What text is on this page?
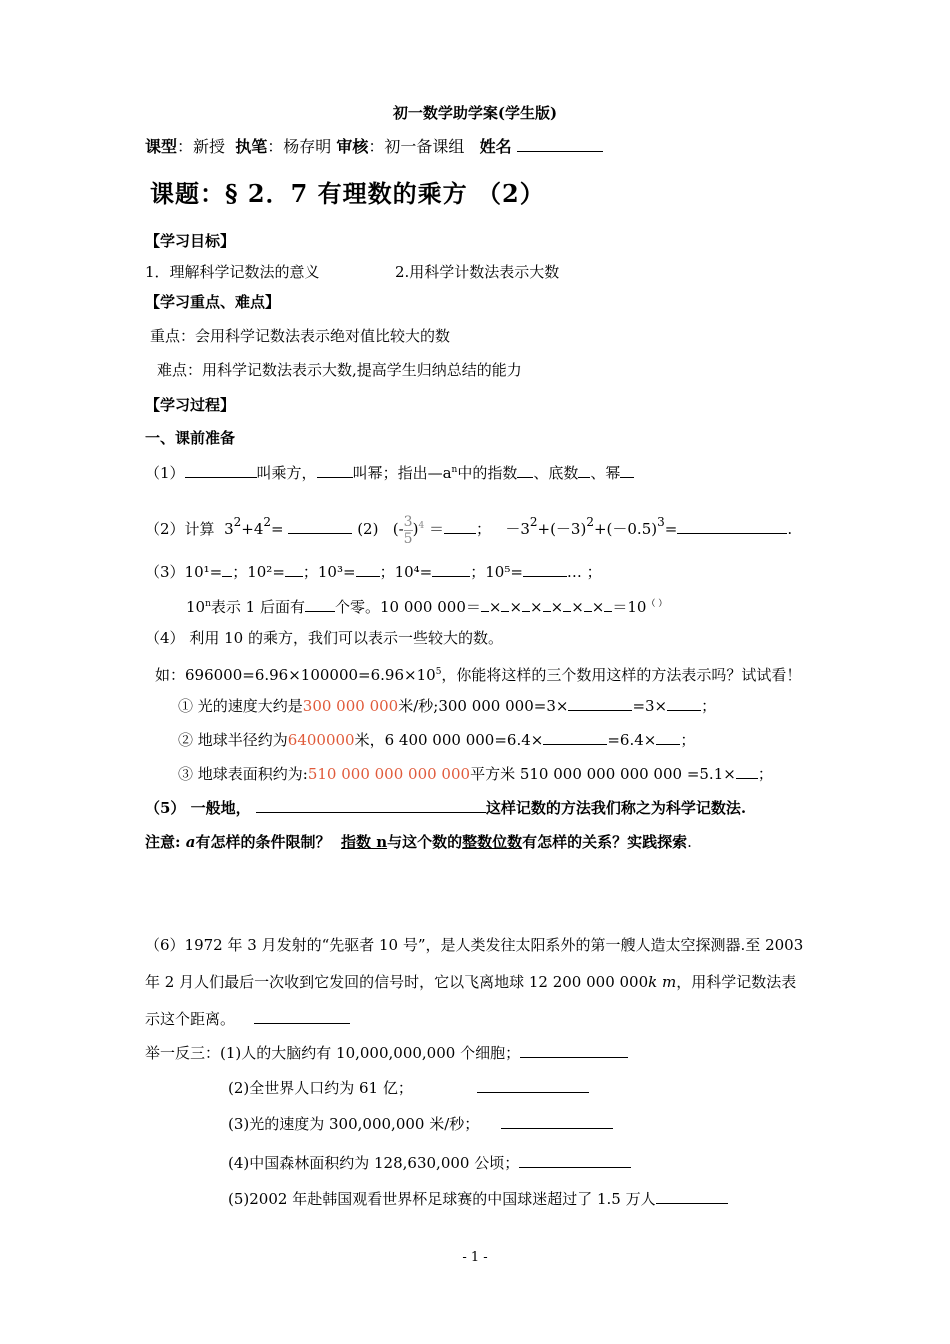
初一数学助学案(学生版)
课型：新授 执笔：杨存明 审核：初一备课组 姓名
课题：§ 2．7 有理数的乘方 （2）
【学习目标】
1．理解科学记数法的意义	2.用科学计数法表示大数
【学习重点、难点】
重点：会用科学记数法表示绝对值比较大的数
难点：用科学记数法表示大数,提高学生归纳总结的能力
【学习过程】
一、课前准备
（1）	叫乘方， 叫幂；指出$—a^n$中的指数 、底数 、幂
（2）计算 $3^2+4^2=$	(2) (- $\frac{3}{5} )^4$ ＝ ； $-3^2+(-3)^2+(-0.5)^3=$	.
（3）10¹= ；10²= ；10³= ；10⁴=	；10⁵=	… ；
10$^n$表示 1 后面有 个零。10 000 000＝ × × × × × × ＝10（ ）
（4） 利用 10 的乘方，我们可以表示一些较大的数。
如：$696000=6.96\times 100000=6.96\times 10^5$，你能将这样的三个数用这样的方法表示吗？试试看！
① 光的速度大约是300 000 000米/秒;300 000 000=3×	=3× ；
② 地球半径约为6400000米，6 400 000 000=6.4×	=6.4× ；
③ 地球表面积约为:510 000 000 000 000平方米 510 000 000 000 000 =5.1× ；
（5） 一般地，	这样记数的方法我们称之为科学记数法.
注意: a有怎样的条件限制？ 指数 n与这个数的整数位数有怎样的关系？实践探索.
（6）1972 年 3 月发射的“先驱者 10 号”，是人类发往太阳系外的第一艘人造太空探测器.至 2003
年 2 月人们最后一次收到它发回的信号时，它以飞离地球 12 200 000 000k m，用科学记数法表
示这个距离。
举一反三：(1)人的大脑约有 10,000,000,000 个细胞；
(2)全世界人口约为 61 亿；
(3)光的速度为 300,000,000 米/秒；
(4)中国森林面积约为 128,630,000 公顷；
(5)2002 年赴韩国观看世界杯足球赛的中国球迷超过了 1.5 万人
- 1 -
